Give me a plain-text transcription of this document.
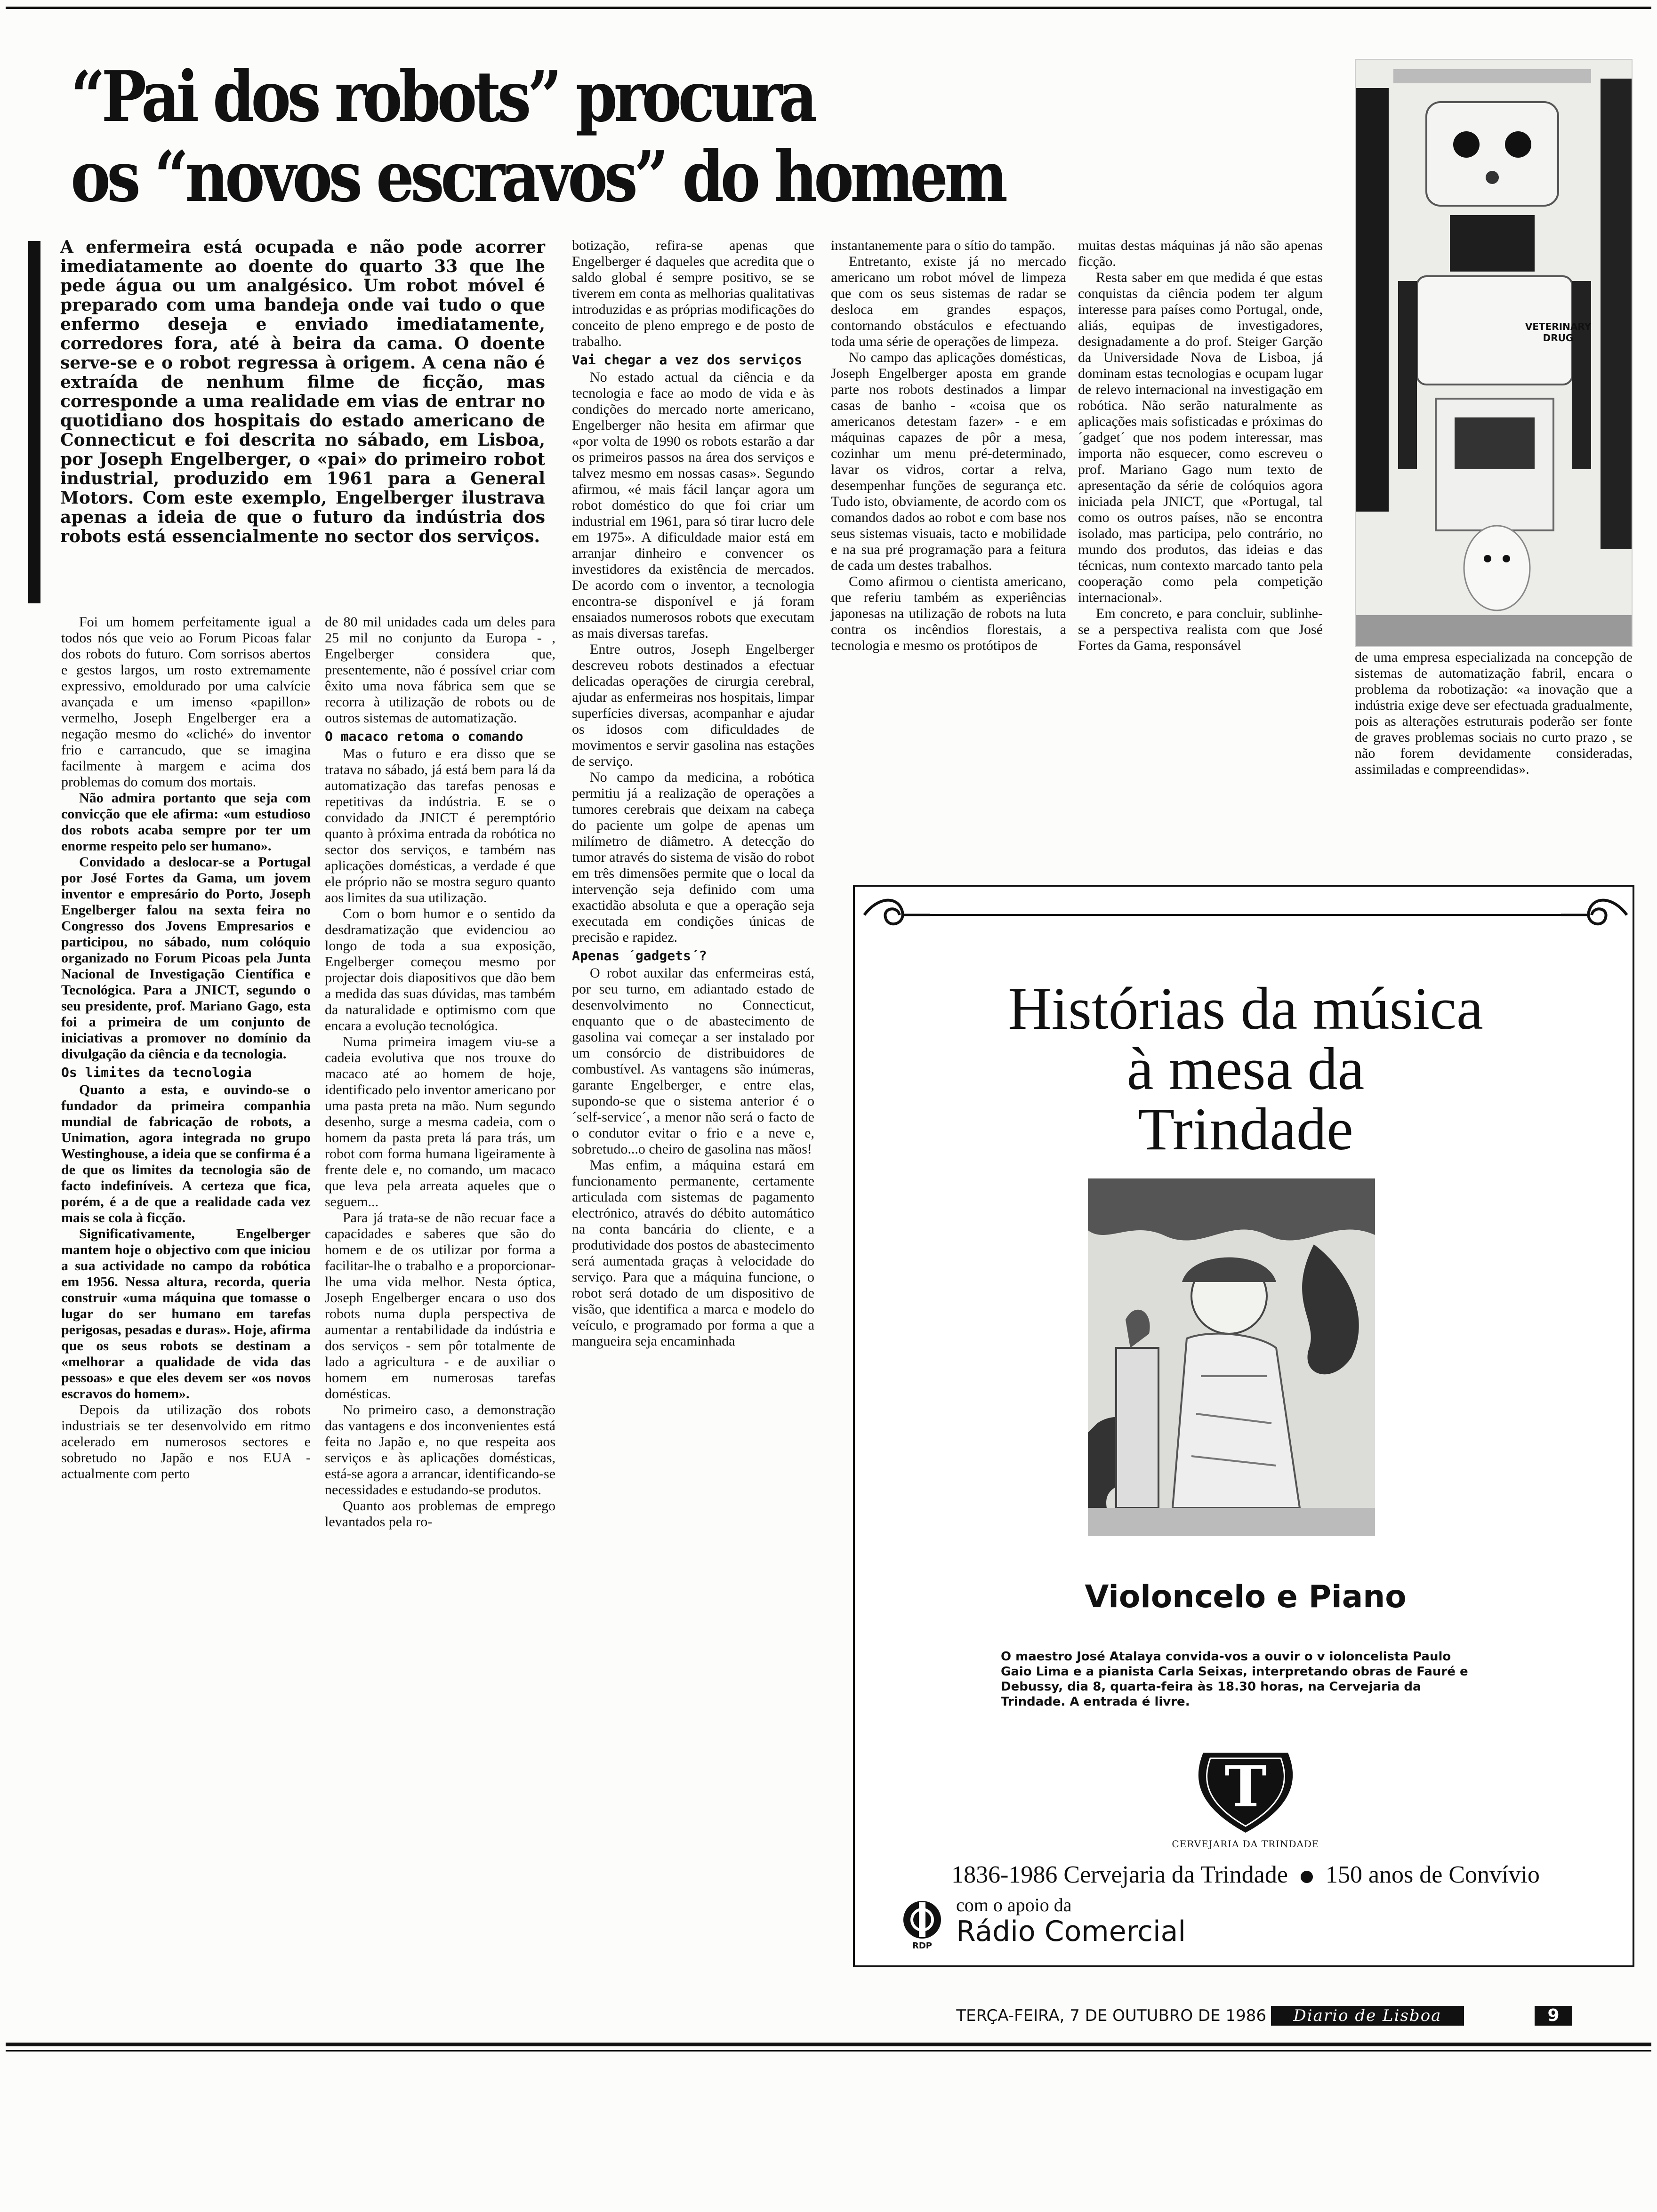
“Pai dos robots” procura
os “novos escravos” do homem
A enfermeira está ocupada e não pode acorrer imediatamente ao doente do quarto 33 que lhe pede água ou um analgésico. Um robot móvel é preparado com uma bandeja onde vai tudo o que enfermo deseja e enviado imediatamente, corredores fora, até à beira da cama. O doente serve-se e o robot regressa à origem. A cena não é extraída de nenhum filme de ficção, mas corresponde a uma realidade em vias de entrar no quotidiano dos hospitais do estado americano de Connecticut e foi descrita no sábado, em Lisboa, por Joseph Engelberger, o «pai» do primeiro robot industrial, produzido em 1961 para a General Motors. Com este exemplo, Engelberger ilustrava apenas a ideia de que o futuro da indústria dos robots está essencialmente no sector dos serviços.

Foi um homem perfeitamente igual a todos nós que veio ao Forum Picoas falar dos robots do futuro. Com sorrisos abertos e gestos largos, um rosto extremamente expressivo, emoldurado por uma calvície avançada e um imenso «papillon» vermelho, Joseph Engelberger era a negação mesmo do «cliché» do inventor frio e carrancudo, que se imagina facilmente à margem e acima dos problemas do comum dos mortais.

Não admira portanto que seja com convicção que ele afirma: «um estudioso dos robots acaba sempre por ter um enorme respeito pelo ser humano».

Convidado a deslocar-se a Portugal por José Fortes da Gama, um jovem inventor e empresário do Porto, Joseph Engelberger falou na sexta feira no Congresso dos Jovens Empresarios e participou, no sábado, num colóquio organizado no Forum Picoas pela Junta Nacional de Investigação Científica e Tecnológica. Para a JNICT, segundo o seu presidente, prof. Mariano Gago, esta foi a primeira de um conjunto de iniciativas a promover no domínio da divulgação da ciência e da tecnologia.

Os limites da tecnologia

Quanto a esta, e ouvindo-se o fundador da primeira companhia mundial de fabricação de robots, a Unimation, agora integrada no grupo Westinghouse, a ideia que se confirma é a de que os limites da tecnologia são de facto indefiníveis. A certeza que fica, porém, é a de que a realidade cada vez mais se cola à ficção.

Significativamente, Engelberger mantem hoje o objectivo com que iniciou a sua actividade no campo da robótica em 1956. Nessa altura, recorda, queria construir «uma máquina que tomasse o lugar do ser humano em tarefas perigosas, pesadas e duras». Hoje, afirma que os seus robots se destinam a «melhorar a qualidade de vida das pessoas» e que eles devem ser «os novos escravos do homem».

Depois da utilização dos robots industriais se ter desenvolvido em ritmo acelerado em numerosos sectores e sobretudo no Japão e nos EUA - actualmente com perto

de 80 mil unidades cada um deles para 25 mil no conjunto da Europa - , Engelberger considera que, presentemente, não é possível criar com êxito uma nova fábrica sem que se recorra à utilização de robots ou de outros sistemas de automatização.

O macaco retoma o comando

Mas o futuro e era disso que se tratava no sábado, já está bem para lá da automatização das tarefas penosas e repetitivas da indústria. E se o convidado da JNICT é peremptório quanto à próxima entrada da robótica no sector dos serviços, e também nas aplicações domésticas, a verdade é que ele próprio não se mostra seguro quanto aos limites da sua utilização.

Com o bom humor e o sentido da desdramatização que evidenciou ao longo de toda a sua exposição, Engelberger começou mesmo por projectar dois diapositivos que dão bem a medida das suas dúvidas, mas também da naturalidade e optimismo com que encara a evolução tecnológica.

Numa primeira imagem viu-se a cadeia evolutiva que nos trouxe do macaco até ao homem de hoje, identificado pelo inventor americano por uma pasta preta na mão. Num segundo desenho, surge a mesma cadeia, com o homem da pasta preta lá para trás, um robot com forma humana ligeiramente à frente dele e, no comando, um macaco que leva pela arreata aqueles que o seguem...

Para já trata-se de não recuar face a capacidades e saberes que são do homem e de os utilizar por forma a facilitar-lhe o trabalho e a proporcionar-lhe uma vida melhor. Nesta óptica, Joseph Engelberger encara o uso dos robots numa dupla perspectiva de aumentar a rentabilidade da indústria e dos serviços - sem pôr totalmente de lado a agricultura - e de auxiliar o homem em numerosas tarefas domésticas.

No primeiro caso, a demonstração das vantagens e dos inconvenientes está feita no Japão e, no que respeita aos serviços e às aplicações domésticas, está-se agora a arrancar, identificando-se necessidades e estudando-se produtos.

Quanto aos problemas de emprego levantados pela ro-

botização, refira-se apenas que Engelberger é daqueles que acredita que o saldo global é sempre positivo, se se tiverem em conta as melhorias qualitativas introduzidas e as próprias modificações do conceito de pleno emprego e de posto de trabalho.

Vai chegar a vez dos serviços

No estado actual da ciência e da tecnologia e face ao modo de vida e às condições do mercado norte americano, Engelberger não hesita em afirmar que «por volta de 1990 os robots estarão a dar os primeiros passos na área dos serviços e talvez mesmo em nossas casas». Segundo afirmou, «é mais fácil lançar agora um robot doméstico do que foi criar um industrial em 1961, para só tirar lucro dele em 1975». A dificuldade maior está em arranjar dinheiro e convencer os investidores da existência de mercados. De acordo com o inventor, a tecnologia encontra-se disponível e já foram ensaiados numerosos robots que executam as mais diversas tarefas.

Entre outros, Joseph Engelberger descreveu robots destinados a efectuar delicadas operações de cirurgia cerebral, ajudar as enfermeiras nos hospitais, limpar superfícies diversas, acompanhar e ajudar os idosos com dificuldades de movimentos e servir gasolina nas estações de serviço.

No campo da medicina, a robótica permitiu já a realização de operações a tumores cerebrais que deixam na cabeça do paciente um golpe de apenas um milímetro de diâmetro. A detecção do tumor através do sistema de visão do robot em três dimensões permite que o local da intervenção seja definido com uma exactidão absoluta e que a operação seja executada em condições únicas de precisão e rapidez.

Apenas ´gadgets´?

O robot auxilar das enfermeiras está, por seu turno, em adiantado estado de desenvolvimento no Connecticut, enquanto que o de abastecimento de gasolina vai começar a ser instalado por um consórcio de distribuidores de combustível. As vantagens são inúmeras, garante Engelberger, e entre elas, supondo-se que o sistema anterior é o ´self-service´, a menor não será o facto de o condutor evitar o frio e a neve e, sobretudo...o cheiro de gasolina nas mãos!

Mas enfim, a máquina estará em funcionamento permanente, certamente articulada com sistemas de pagamento electrónico, através do débito automático na conta bancária do cliente, e a produtividade dos postos de abastecimento será aumentada graças à velocidade do serviço. Para que a máquina funcione, o robot será dotado de um dispositivo de visão, que identifica a marca e modelo do veículo, e programado por forma a que a mangueira seja encaminhada

instantanemente para o sítio do tampão.

Entretanto, existe já no mercado americano um robot móvel de limpeza que com os seus sistemas de radar se desloca em grandes espaços, contornando obstáculos e efectuando toda uma série de operações de limpeza.

No campo das aplicações domésticas, Joseph Engelberger aposta em grande parte nos robots destinados a limpar casas de banho - «coisa que os americanos detestam fazer» - e em máquinas capazes de pôr a mesa, cozinhar um menu pré-determinado, lavar os vidros, cortar a relva, desempenhar funções de segurança etc. Tudo isto, obviamente, de acordo com os comandos dados ao robot e com base nos seus sistemas visuais, tacto e mobilidade e na sua pré programação para a feitura de cada um destes trabalhos.

Como afirmou o cientista americano, que referiu também as experiências japonesas na utilização de robots na luta contra os incêndios florestais, a tecnologia e mesmo os protótipos de

muitas destas máquinas já não são apenas ficção.

Resta saber em que medida é que estas conquistas da ciência podem ter algum interesse para países como Portugal, onde, aliás, equipas de investigadores, designadamente a do prof. Steiger Garção da Universidade Nova de Lisboa, já dominam estas tecnologias e ocupam lugar de relevo internacional na investigação em robótica. Não serão naturalmente as aplicações mais sofisticadas e próximas do ´gadget´ que nos podem interessar, mas importa não esquecer, como escreveu o prof. Mariano Gago num texto de apresentação da série de colóquios agora iniciada pela JNICT, que «Portugal, tal como os outros países, não se encontra isolado, mas participa, pelo contrário, no mundo dos produtos, das ideias e das técnicas, num contexto marcado tanto pela cooperação como pela competição internacional».

Em concreto, e para concluir, sublinhe-se a perspectiva realista com que José Fortes da Gama, responsável

VETERINARY
DRUG

de uma empresa especializada na concepção de sistemas de automatização fabril, encara o problema da robotização: «a inovação que a indústria exige deve ser efectuada gradualmente, pois as alterações estruturais poderão ser fonte de graves problemas sociais no curto prazo , se não forem devidamente consideradas, assimiladas e compreendidas».

Histórias da música
à mesa da
Trindade
Violoncelo e Piano
O maestro José Atalaya convida-vos a ouvir o v ioloncelista Paulo Gaio Lima e a pianista Carla Seixas, interpretando obras de Fauré e Debussy, dia 8, quarta-feira às 18.30 horas, na Cervejaria da Trindade. A entrada é livre.
T
CERVEJARIA DA TRINDADE
1836-1986 Cervejaria da Trindade 150 anos de Convívio
RDP
com o apoio da
Rádio Comercial
TERÇA-FEIRA, 7 DE OUTUBRO DE 1986	Diario de Lisboa	9
